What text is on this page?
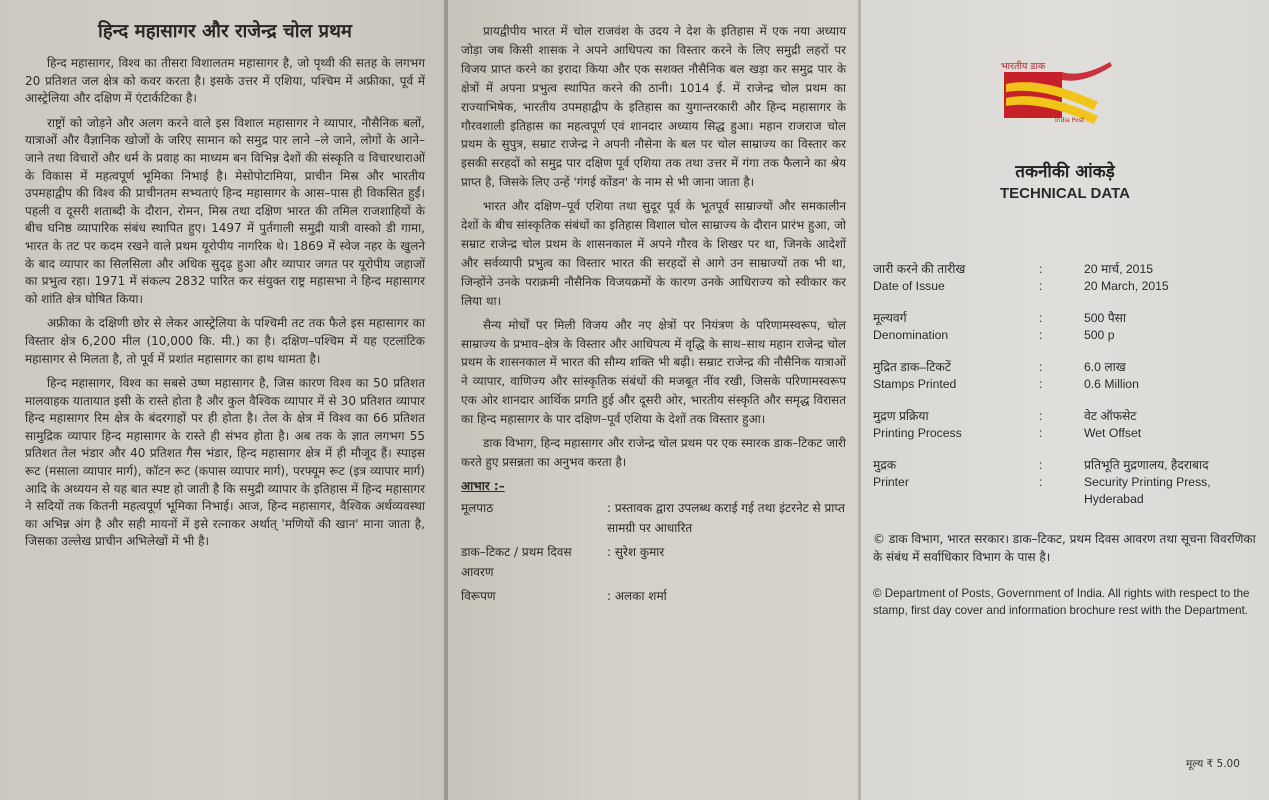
हिन्द महासागर और राजेन्द्र चोल प्रथम

हिन्द महासागर, विश्व का तीसरा विशालतम महासागर है, जो पृथ्वी की सतह के लगभग 20 प्रतिशत जल क्षेत्र को कवर करता है। इसके उत्तर में एशिया, पश्चिम में अफ्रीका, पूर्व में आस्ट्रेलिया और दक्षिण में एंटार्कटिका है।

राष्ट्रों को जोड़ने और अलग करने वाले इस विशाल महासागर ने व्यापार, नौसैनिक बलों, यात्राओं और वैज्ञानिक खोजों के जरिए सामान को समुद्र पार लाने –ले जाने, लोगों के आने–जाने तथा विचारों और धर्म के प्रवाह का माध्यम बन विभिन्न देशों की संस्कृति व विचारधाराओं के विकास में महत्वपूर्ण भूमिका निभाई है। मेसोपोटामिया, प्राचीन मिस्र और भारतीय उपमहाद्वीप की विश्व की प्राचीनतम सभ्यताएं हिन्द महासागर के आस–पास ही विकसित हुईं। पहली व दूसरी शताब्दी के दौरान, रोमन, मिस्र तथा दक्षिण भारत की तमिल राजशाहियों के बीच घनिष्ठ व्यापारिक संबंध स्थापित हुए। 1497 में पुर्तगाली समुद्री यात्री वास्को डी गामा, भारत के तट पर कदम रखने वाले प्रथम यूरोपीय नागरिक थे। 1869 में स्वेज नहर के खुलने के बाद व्यापार का सिलसिला और अधिक सुदृढ़ हुआ और व्यापार जगत पर यूरोपीय जहाजों का प्रभुत्व रहा। 1971 में संकल्प 2832 पारित कर संयुक्त राष्ट्र महासभा ने हिन्द महासागर को शांति क्षेत्र घोषित किया।

अफ्रीका के दक्षिणी छोर से लेकर आस्ट्रेलिया के पश्चिमी तट तक फैले इस महासागर का विस्तार क्षेत्र 6,200 मील (10,000 कि. मी.) का है। दक्षिण–पश्चिम में यह एटलांटिक महासागर से मिलता है, तो पूर्व में प्रशांत महासागर का हाथ थामता है।

हिन्द महासागर, विश्व का सबसे उष्ण महासागर है, जिस कारण विश्व का 50 प्रतिशत मालवाहक यातायात इसी के रास्ते होता है और कुल वैश्विक व्यापार में से 30 प्रतिशत व्यापार हिन्द महासागर रिम क्षेत्र के बंदरगाहों पर ही होता है। तेल के क्षेत्र में विश्व का 66 प्रतिशत सामुद्रिक व्यापार हिन्द महासागर के रास्ते ही संभव होता है। अब तक के ज्ञात लगभग 55 प्रतिशत तेल भंडार और 40 प्रतिशत गैस भंडार, हिन्द महासागर क्षेत्र में ही मौजूद हैं। स्पाइस रूट (मसाला व्यापार मार्ग), कॉटन रूट (कपास व्यापार मार्ग), परफ्यूम रूट (इत्र व्यापार मार्ग) आदि के अध्ययन से यह बात स्पष्ट हो जाती है कि समुद्री व्यापार के इतिहास में हिन्द महासागर ने सदियों तक कितनी महत्वपूर्ण भूमिका निभाई। आज, हिन्द महासागर, वैश्विक अर्थव्यवस्था का अभिन्न अंग है और सही मायनों में इसे रत्नाकर अर्थात् 'मणियों की खान' माना जाता है, जिसका उल्लेख प्राचीन अभिलेखों में भी है।

प्रायद्वीपीय भारत में चोल राजवंश के उदय ने देश के इतिहास में एक नया अध्याय जोड़ा जब किसी शासक ने अपने आधिपत्य का विस्तार करने के लिए समुद्री लहरों पर विजय प्राप्त करने का इरादा किया और एक सशक्त नौसैनिक बल खड़ा कर समुद्र पार के क्षेत्रों में अपना प्रभुत्व स्थापित करने की ठानी। 1014 ई. में राजेन्द्र चोल प्रथम का राज्याभिषेक, भारतीय उपमहाद्वीप के इतिहास का युगान्तरकारी और हिन्द महासागर के गौरवशाली इतिहास का महत्वपूर्ण एवं शानदार अध्याय सिद्ध हुआ। महान राजराज चोल प्रथम के सुपुत्र, सम्राट राजेन्द्र ने अपनी नौसेना के बल पर चोल साम्राज्य का विस्तार कर इसकी सरहदों को समुद्र पार दक्षिण पूर्व एशिया तक तथा उत्तर में गंगा तक फैलाने का श्रेय प्राप्त है, जिसके लिए उन्हें 'गंगई कोंडन' के नाम से भी जाना जाता है।

भारत और दक्षिण–पूर्व एशिया तथा सुदूर पूर्व के भूतपूर्व साम्राज्यों और समकालीन देशों के बीच सांस्कृतिक संबंधों का इतिहास विशाल चोल साम्राज्य के दौरान प्रारंभ हुआ, जो सम्राट राजेन्द्र चोल प्रथम के शासनकाल में अपने गौरव के शिखर पर था, जिनके आदेशों और सर्वव्यापी प्रभुत्व का विस्तार भारत की सरहदों से आगे उन साम्राज्यों तक भी था, जिन्होंने उनके पराक्रमी नौसैनिक विजयक्रमों के कारण उनके आधिराज्य को स्वीकार कर लिया था।

सैन्य मोर्चों पर मिली विजय और नए क्षेत्रों पर नियंत्रण के परिणामस्वरूप, चोल साम्राज्य के प्रभाव–क्षेत्र के विस्तार और आधिपत्य में वृद्धि के साथ–साथ महान राजेन्द्र चोल प्रथम के शासनकाल में भारत की सौम्य शक्ति भी बढ़ी। सम्राट राजेन्द्र की नौसैनिक यात्राओं ने व्यापार, वाणिज्य और सांस्कृतिक संबंधों की मजबूत नींव रखी, जिसके परिणामस्वरूप एक ओर शानदार आर्थिक प्रगति हुई और दूसरी ओर, भारतीय संस्कृति और समृद्ध विरासत का हिन्द महासागर के पार दक्षिण–पूर्व एशिया के देशों तक विस्तार हुआ।

डाक विभाग, हिन्द महासागर और राजेन्द्र चोल प्रथम पर एक स्मारक डाक–टिकट जारी करते हुए प्रसन्नता का अनुभव करता है।

आभार :–
मूलपाठ	: प्रस्तावक द्वारा उपलब्ध कराई गई तथा इंटरनेट से प्राप्त सामग्री पर आधारित
डाक–टिकट / प्रथम दिवस आवरण
: सुरेश कुमार
विरूपण	: अलका शर्मा
भारतीय डाक
India Post
तकनीकी आंकड़े
TECHNICAL DATA
जारी करने की तारीख	:	20 मार्च, 2015
Date of Issue	:	20 March, 2015
मूल्यवर्ग	:	500 पैसा
Denomination	:	500 p
मुद्रित डाक–टिकटें	:	6.0 लाख
Stamps Printed	:	0.6 Million
मुद्रण प्रक्रिया	:	वेट ऑफसेट
Printing Process	:	Wet Offset
मुद्रक	:	प्रतिभूति मुद्रणालय, हैदराबाद
Printer	:	Security Printing Press,
Hyderabad
© डाक विभाग, भारत सरकार। डाक–टिकट, प्रथम दिवस आवरण तथा सूचना विवरणिका के संबंध में सर्वाधिकार विभाग के पास है।
© Department of Posts, Government of India. All rights with respect to the stamp, first day cover and information brochure rest with the Department.
मूल्य ₹ 5.00
